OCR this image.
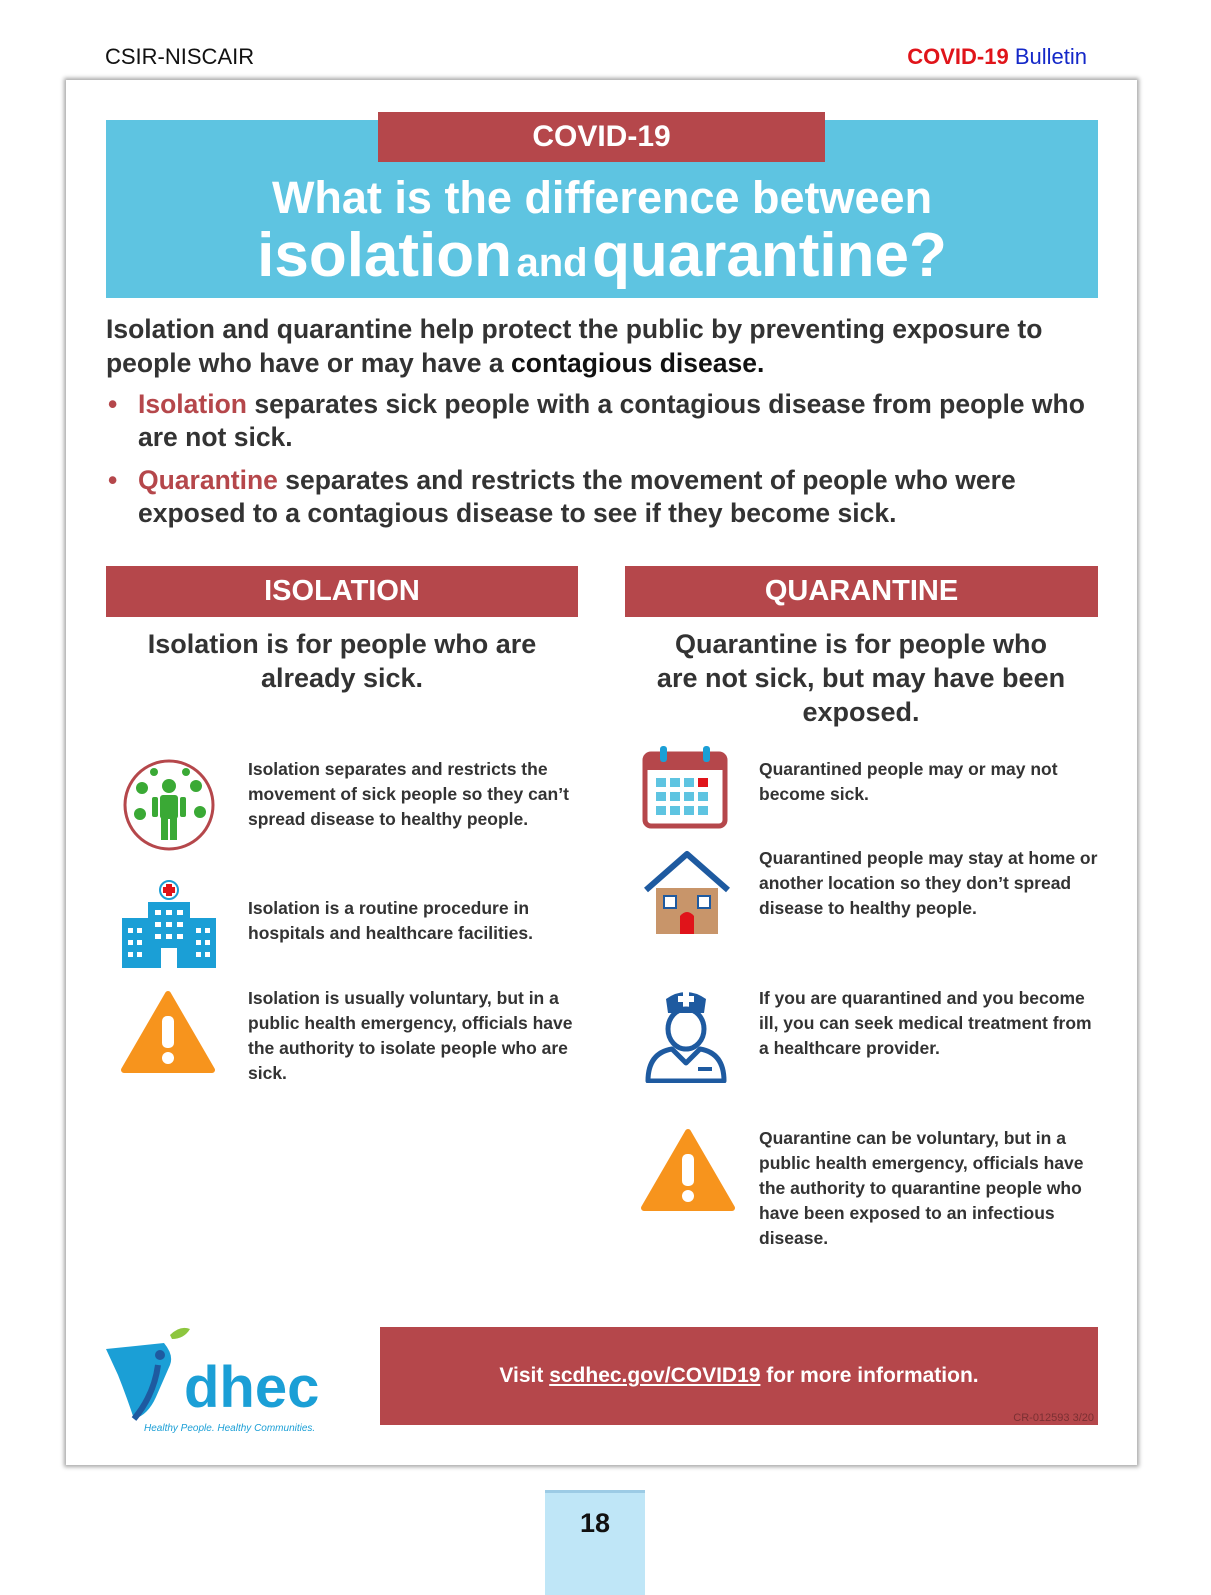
CSIR-NISCAIR	COVID-19 Bulletin
COVID-19
What is the difference between
isolation and quarantine?
Isolation and quarantine help protect the public by preventing exposure to people who have or may have a contagious disease.
• Isolation separates sick people with a contagious disease from people who are not sick.
• Quarantine separates and restricts the movement of people who were exposed to a contagious disease to see if they become sick.
ISOLATION
Isolation is for people who are already sick.
QUARANTINE
Quarantine is for people who are not sick, but may have been exposed.
Isolation separates and restricts the movement of sick people so they can’t spread disease to healthy people.
Isolation is a routine procedure in hospitals and healthcare facilities.
Isolation is usually voluntary, but in a public health emergency, officials have the authority to isolate people who are sick.
Quarantined people may or may not become sick.
Quarantined people may stay at home or another location so they don’t spread disease to healthy people.
If you are quarantined and you become ill, you can seek medical treatment from a healthcare provider.
Quarantine can be voluntary, but in a public health emergency, officials have the authority to quarantine people who have been exposed to an infectious disease.
dhec
Healthy People. Healthy Communities.
Visit scdhec.gov/COVID19 for more information.
CR-012593 3/20
18
